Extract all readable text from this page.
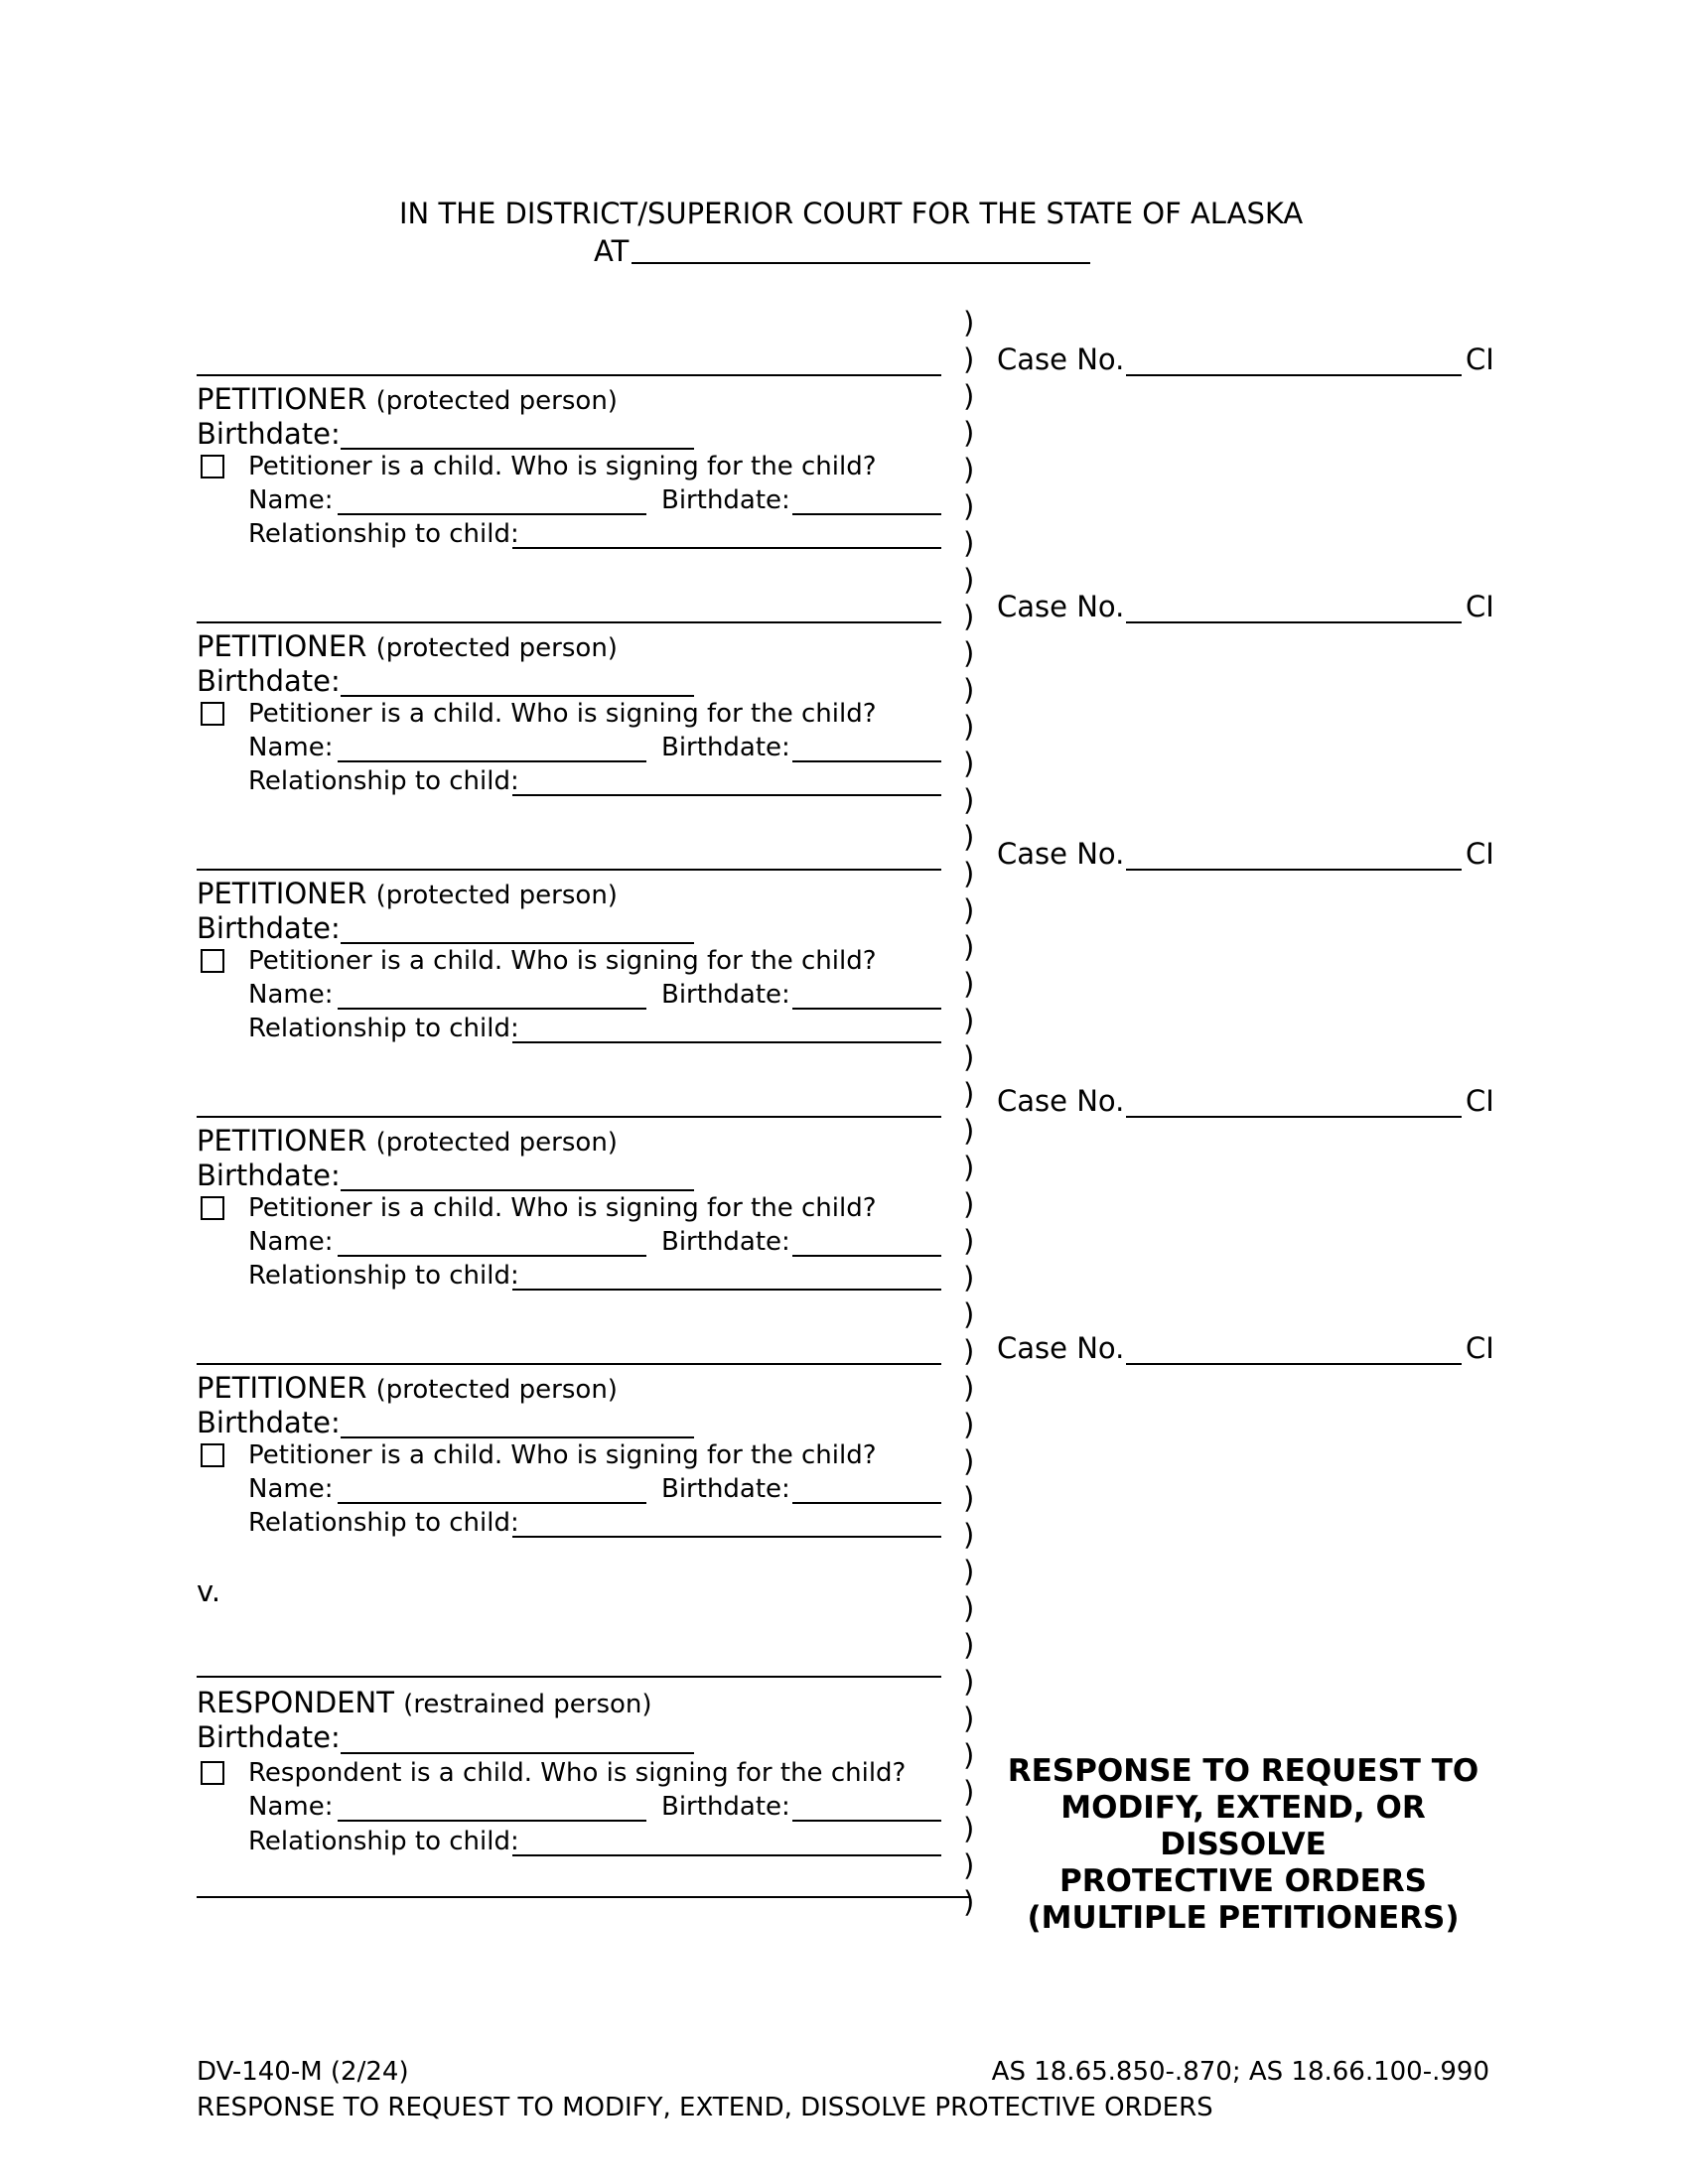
IN THE DISTRICT/SUPERIOR COURT FOR THE STATE OF ALASKA
AT
)
)
)
)
)
)
)
)
)
)
)
)
)
)
)
)
)
)
)
)
)
)
)
)
)
)
)
)
)
)
)
)
)
)
)
)
)
)
)
)
)
)
)
)
Case No.	CI
PETITIONER (protected person)
Birthdate:
Petitioner is a child. Who is signing for the child?
Name:	Birthdate:
Relationship to child:
Case No.	CI
PETITIONER (protected person)
Birthdate:
Petitioner is a child. Who is signing for the child?
Name:	Birthdate:
Relationship to child:
Case No.	CI
PETITIONER (protected person)
Birthdate:
Petitioner is a child. Who is signing for the child?
Name:	Birthdate:
Relationship to child:
Case No.	CI
PETITIONER (protected person)
Birthdate:
Petitioner is a child. Who is signing for the child?
Name:	Birthdate:
Relationship to child:
Case No.	CI
PETITIONER (protected person)
Birthdate:
Petitioner is a child. Who is signing for the child?
Name:	Birthdate:
Relationship to child:
v.
RESPONDENT (restrained person)
Birthdate:
Respondent is a child. Who is signing for the child?
Name:	Birthdate:
Relationship to child:
RESPONSE TO REQUEST TO
MODIFY, EXTEND, OR DISSOLVE
PROTECTIVE ORDERS
(MULTIPLE PETITIONERS)
DV-140-M (2/24)	AS 18.65.850-.870; AS 18.66.100-.990
RESPONSE TO REQUEST TO MODIFY, EXTEND, DISSOLVE PROTECTIVE ORDERS
